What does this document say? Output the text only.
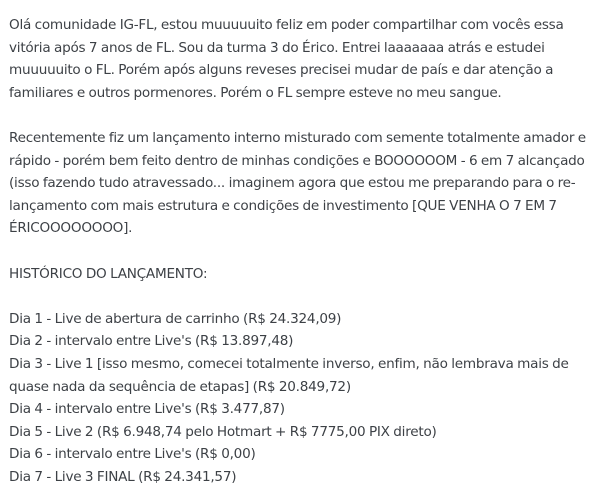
Olá comunidade IG-FL, estou muuuuuito feliz em poder compartilhar com vocês essa
vitória após 7 anos de FL. Sou da turma 3 do Érico. Entrei laaaaaaa atrás e estudei
muuuuuito o FL. Porém após alguns reveses precisei mudar de país e dar atenção a
familiares e outros pormenores. Porém o FL sempre esteve no meu sangue.
Recentemente fiz um lançamento interno misturado com semente totalmente amador e
rápido - porém bem feito dentro de minhas condições e BOOOOOOM - 6 em 7 alcançado
(isso fazendo tudo atravessado... imaginem agora que estou me preparando para o re-
lançamento com mais estrutura e condições de investimento [QUE VENHA O 7 EM 7
ÉRICOOOOOOOO].
HISTÓRICO DO LANÇAMENTO:
Dia 1 - Live de abertura de carrinho (R$ 24.324,09)
Dia 2 - intervalo entre Live's (R$ 13.897,48)
Dia 3 - Live 1 [isso mesmo, comecei totalmente inverso, enfim, não lembrava mais de
quase nada da sequência de etapas] (R$ 20.849,72)
Dia 4 - intervalo entre Live's (R$ 3.477,87)
Dia 5 - Live 2 (R$ 6.948,74 pelo Hotmart + R$ 7775,00 PIX direto)
Dia 6 - intervalo entre Live's (R$ 0,00)
Dia 7 - Live 3 FINAL (R$ 24.341,57)
